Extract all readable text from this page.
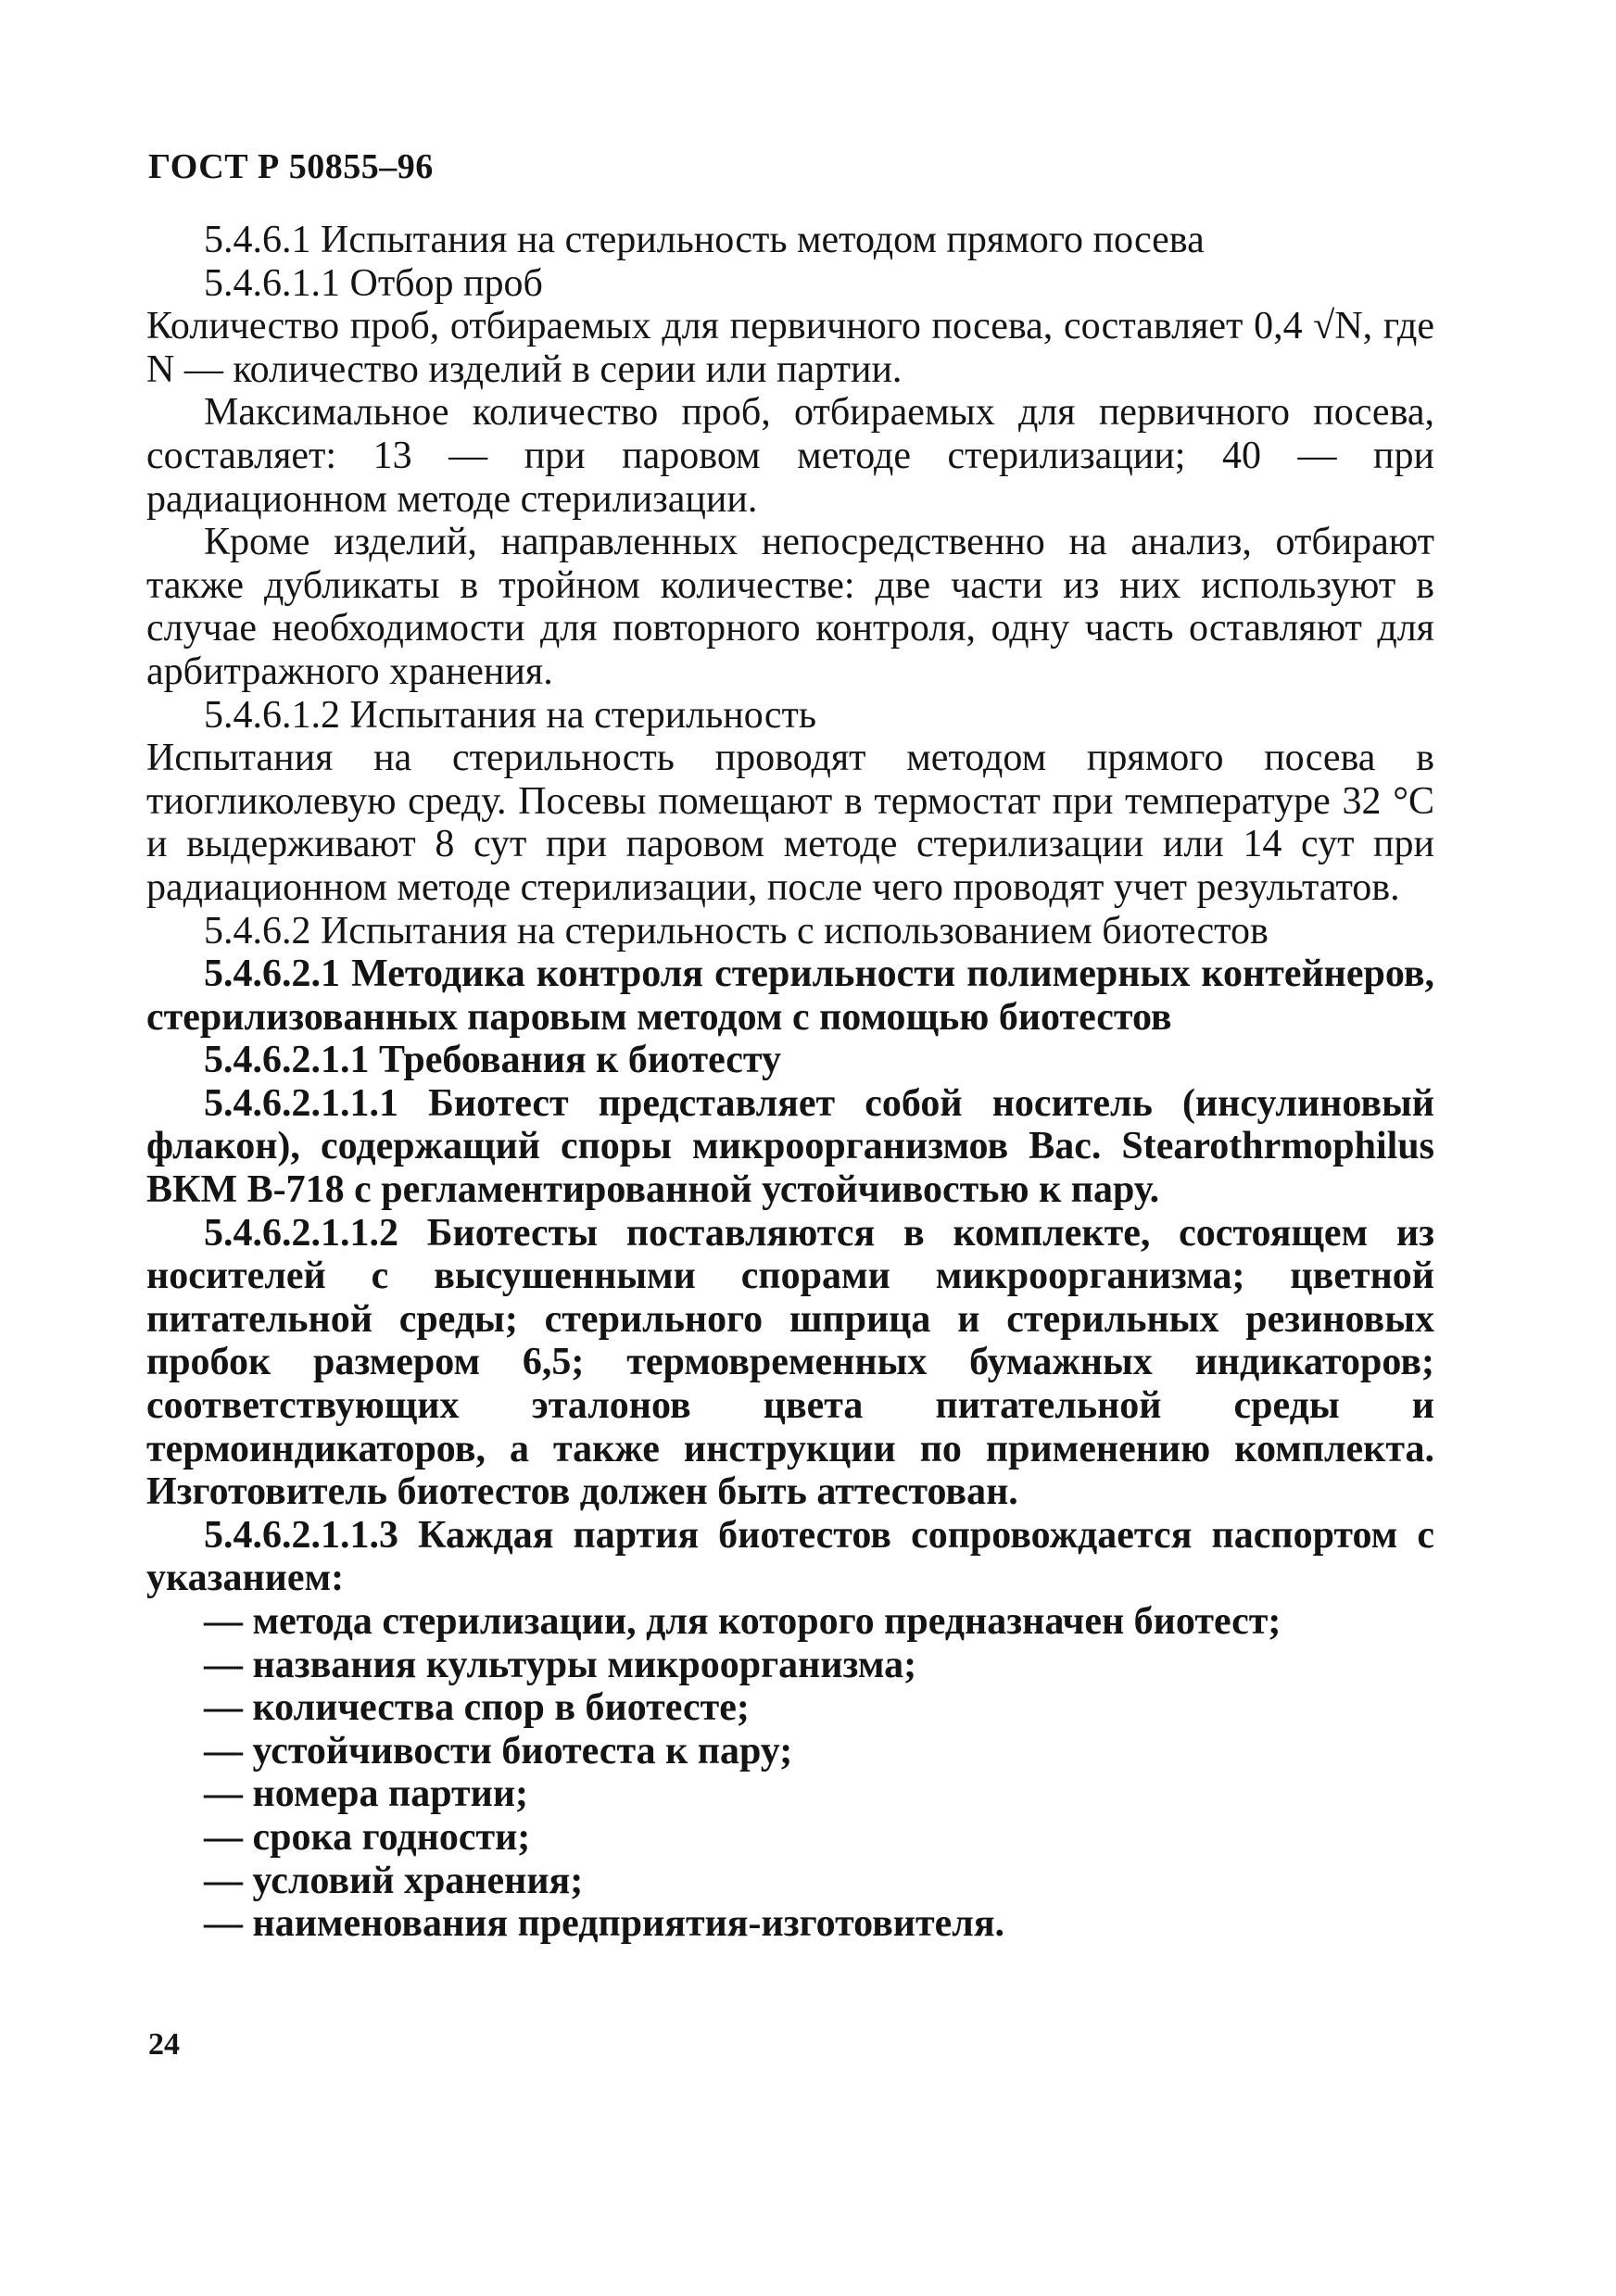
ГОСТ Р 50855–96

5.4.6.1 Испытания на стерильность методом прямого посева

5.4.6.1.1 Отбор проб

Количество проб, отбираемых для первичного посева, составляет 0,4 √N, где N — количество изделий в серии или партии.

Максимальное количество проб, отбираемых для первичного посева, составляет: 13 — при паровом методе стерилизации; 40 — при радиационном методе стерилизации.

Кроме изделий, направленных непосредственно на анализ, отбирают также дубликаты в тройном количестве: две части из них используют в случае необходимости для повторного контроля, одну часть оставляют для арбитражного хранения.

5.4.6.1.2 Испытания на стерильность

Испытания на стерильность проводят методом прямого посева в тиогликолевую среду. Посевы помещают в термостат при температуре 32 °С и выдерживают 8 сут при паровом методе стерилизации или 14 сут при радиационном методе стерилизации, после чего проводят учет результатов.

5.4.6.2 Испытания на стерильность с использованием биотестов

5.4.6.2.1 Методика контроля стерильности полимерных контейнеров, стерилизованных паровым методом с помощью биотестов

5.4.6.2.1.1 Требования к биотесту

5.4.6.2.1.1.1 Биотест представляет собой носитель (инсулиновый флакон), содержащий споры микроорганизмов Bac. Stearothrmophilus ВКМ В-718 с регламентированной устойчивостью к пару.

5.4.6.2.1.1.2 Биотесты поставляются в комплекте, состоящем из носителей с высушенными спорами микроорганизма; цветной питательной среды; стерильного шприца и стерильных резиновых пробок размером 6,5; термовременных бумажных индикаторов; соответствующих эталонов цвета питательной среды и термоиндикаторов, а также инструкции по применению комплекта. Изготовитель биотестов должен быть аттестован.

5.4.6.2.1.1.3 Каждая партия биотестов сопровождается паспортом с указанием:

— метода стерилизации, для которого предназначен биотест;

— названия культуры микроорганизма;

— количества спор в биотесте;

— устойчивости биотеста к пару;

— номера партии;

— срока годности;

— условий хранения;

— наименования предприятия-изготовителя.

24
